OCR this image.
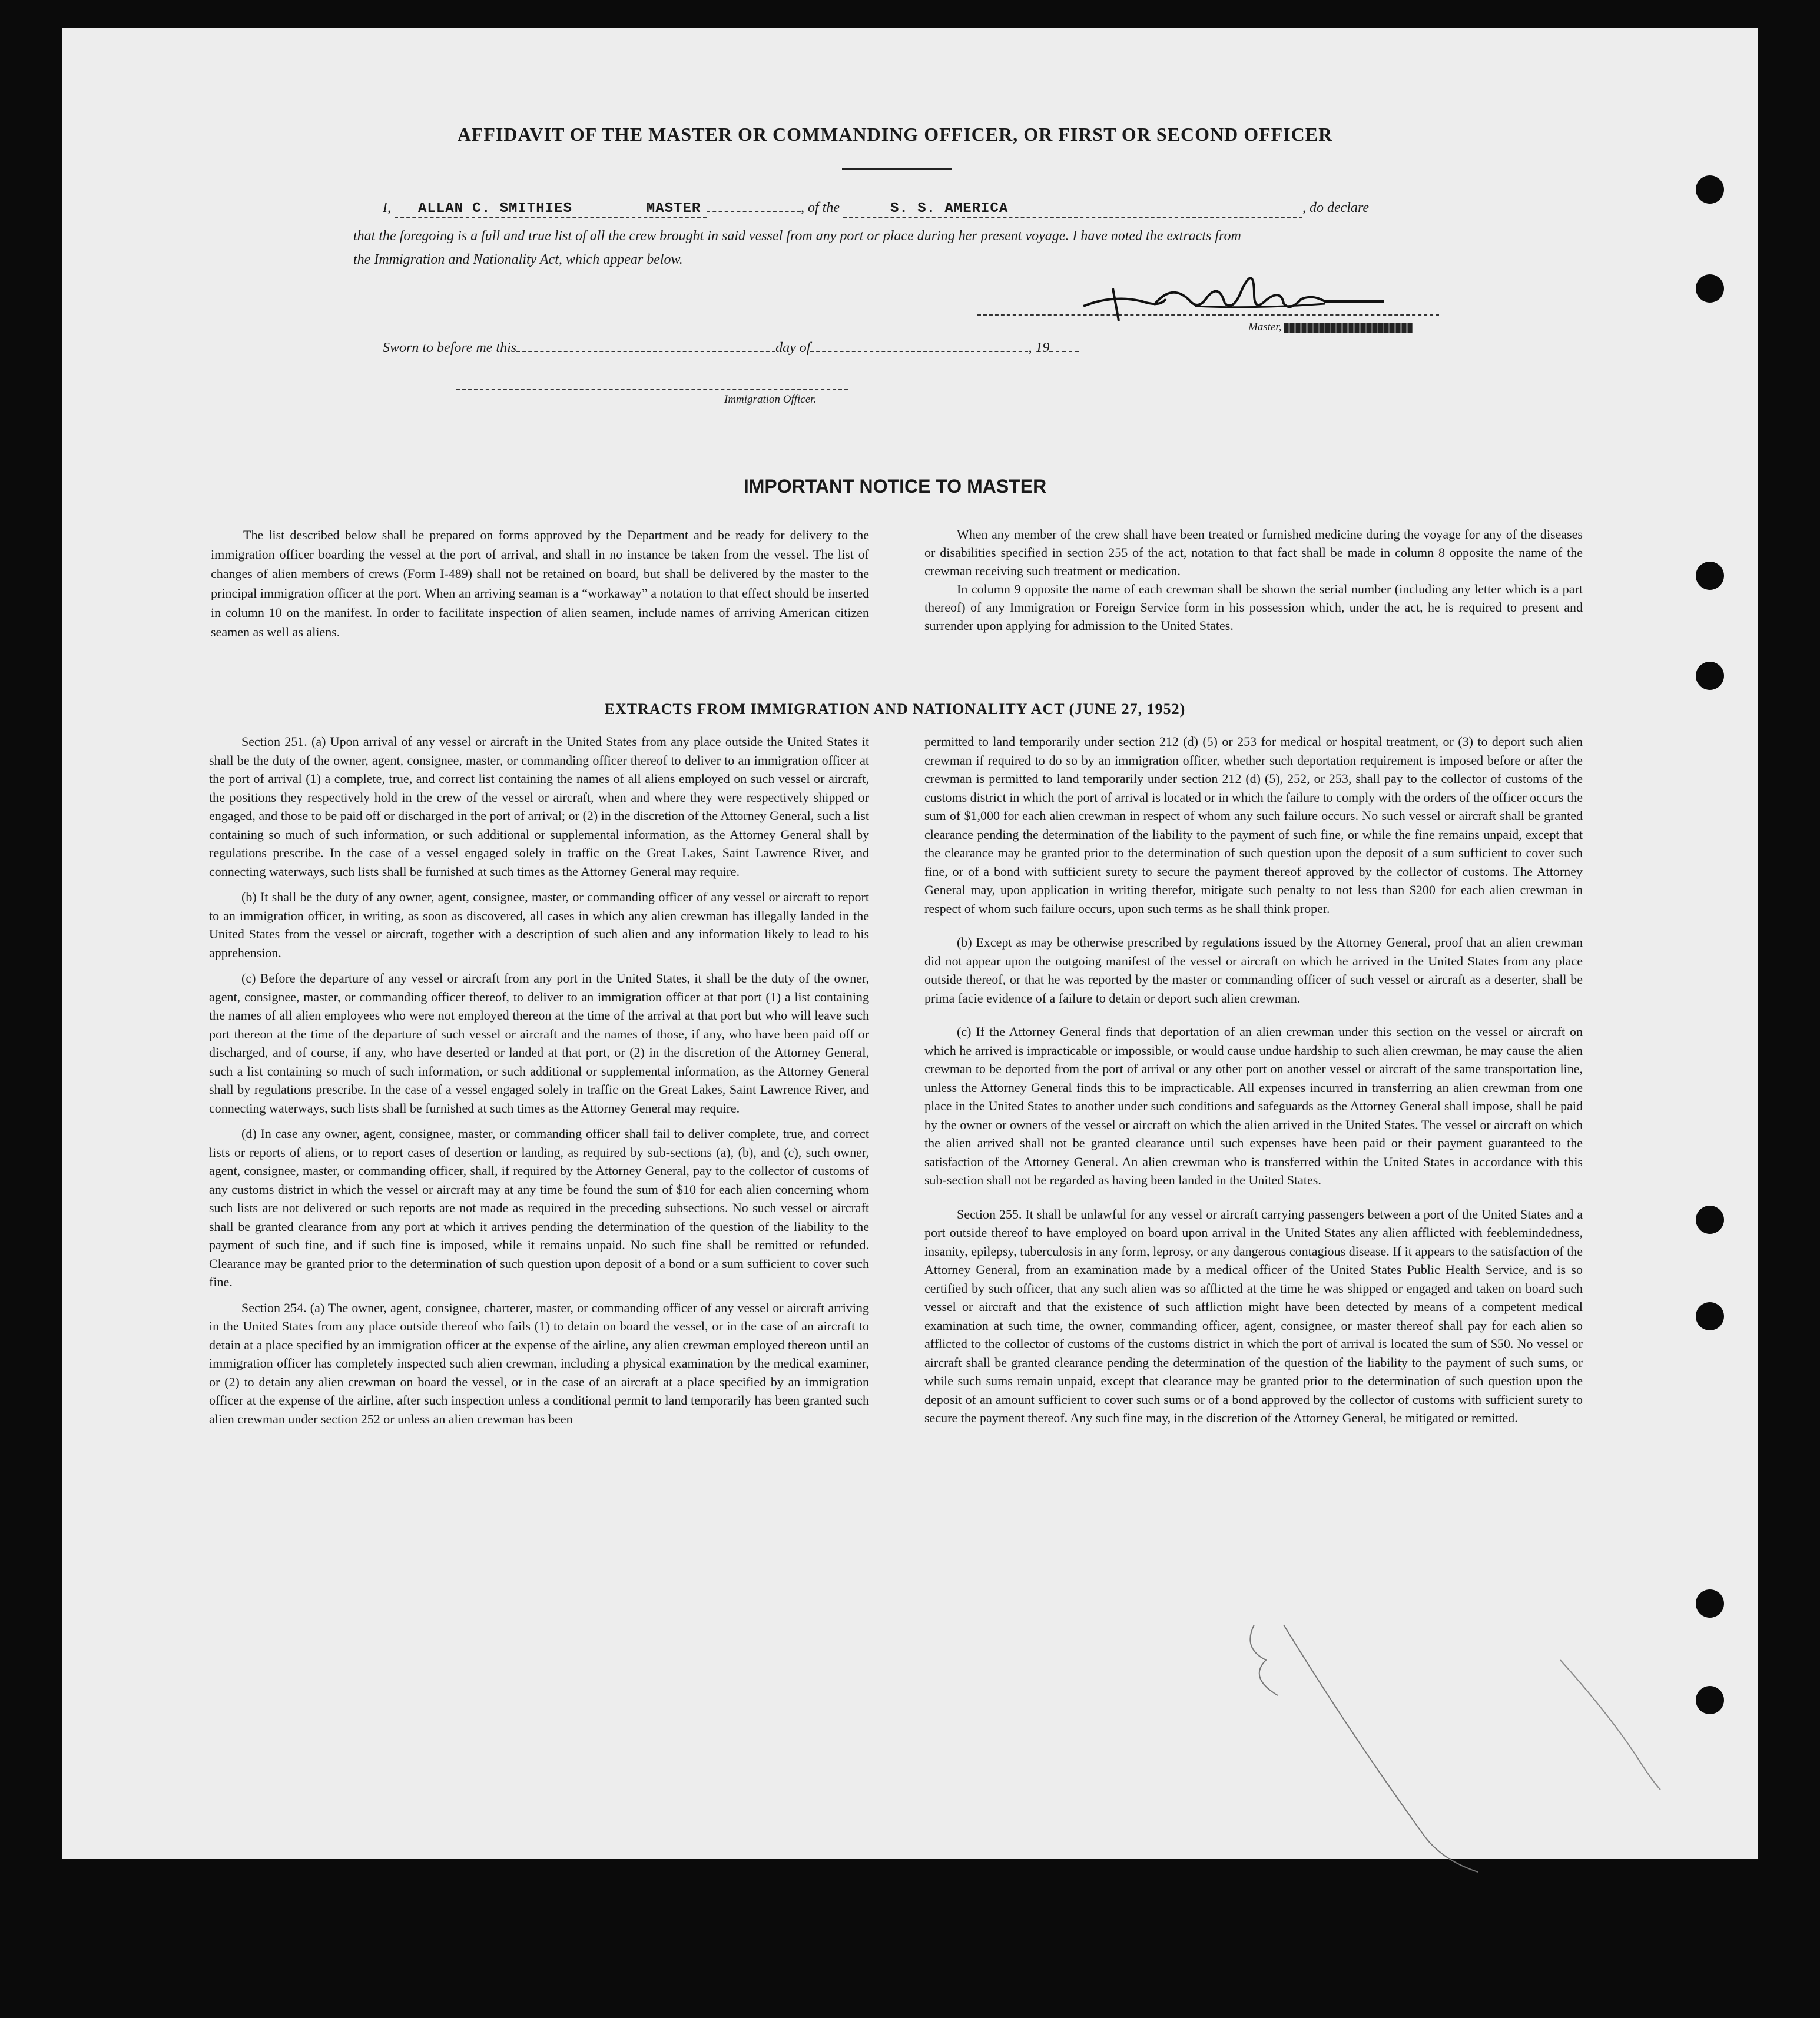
AFFIDAVIT OF THE MASTER OR COMMANDING OFFICER, OR FIRST OR SECOND OFFICER
I, ALLAN C. SMITHIES	MASTER	, of the	S. S. AMERICA	, do declare
that the foregoing is a full and true list of all the crew brought in said vessel from any port or place during her present voyage. I have noted the extracts from
the Immigration and Nationality Act, which appear below.
Master,
Sworn to before me this	day of	, 19
Immigration Officer.
IMPORTANT NOTICE TO MASTER

The list described below shall be prepared on forms approved by the Department and be ready for delivery to the immigration officer boarding the vessel at the port of arrival, and shall in no instance be taken from the vessel. The list of changes of alien members of crews (Form I-489) shall not be retained on board, but shall be delivered by the master to the principal immigration officer at the port. When an arriving seaman is a “workaway” a notation to that effect should be inserted in column 10 on the manifest. In order to facilitate inspection of alien seamen, include names of arriving American citizen seamen as well as aliens.

When any member of the crew shall have been treated or furnished medicine during the voyage for any of the diseases or disabilities specified in section 255 of the act, notation to that fact shall be made in column 8 opposite the name of the crewman receiving such treatment or medication.

In column 9 opposite the name of each crewman shall be shown the serial number (including any letter which is a part thereof) of any Immigration or Foreign Service form in his possession which, under the act, he is required to present and surrender upon applying for admission to the United States.

EXTRACTS FROM IMMIGRATION AND NATIONALITY ACT (JUNE 27, 1952)

Section 251. (a) Upon arrival of any vessel or aircraft in the United States from any place outside the United States it shall be the duty of the owner, agent, consignee, master, or commanding officer thereof to deliver to an immigration officer at the port of arrival (1) a complete, true, and correct list containing the names of all aliens employed on such vessel or aircraft, the positions they respectively hold in the crew of the vessel or aircraft, when and where they were respectively shipped or engaged, and those to be paid off or discharged in the port of arrival; or (2) in the discretion of the Attorney General, such a list containing so much of such information, or such additional or supplemental information, as the Attorney General shall by regulations prescribe. In the case of a vessel engaged solely in traffic on the Great Lakes, Saint Lawrence River, and connecting waterways, such lists shall be furnished at such times as the Attorney General may require.

(b) It shall be the duty of any owner, agent, consignee, master, or commanding officer of any vessel or aircraft to report to an immigration officer, in writing, as soon as discovered, all cases in which any alien crewman has illegally landed in the United States from the vessel or aircraft, together with a description of such alien and any information likely to lead to his apprehension.

(c) Before the departure of any vessel or aircraft from any port in the United States, it shall be the duty of the owner, agent, consignee, master, or commanding officer thereof, to deliver to an immigration officer at that port (1) a list containing the names of all alien employees who were not employed thereon at the time of the arrival at that port but who will leave such port thereon at the time of the departure of such vessel or aircraft and the names of those, if any, who have been paid off or discharged, and of course, if any, who have deserted or landed at that port, or (2) in the discretion of the Attorney General, such a list containing so much of such information, or such additional or supplemental information, as the Attorney General shall by regulations prescribe. In the case of a vessel engaged solely in traffic on the Great Lakes, Saint Lawrence River, and connecting waterways, such lists shall be furnished at such times as the Attorney General may require.

(d) In case any owner, agent, consignee, master, or commanding officer shall fail to deliver complete, true, and correct lists or reports of aliens, or to report cases of desertion or landing, as required by sub-sections (a), (b), and (c), such owner, agent, consignee, master, or commanding officer, shall, if required by the Attorney General, pay to the collector of customs of any customs district in which the vessel or aircraft may at any time be found the sum of $10 for each alien concerning whom such lists are not delivered or such reports are not made as required in the preceding subsections. No such vessel or aircraft shall be granted clearance from any port at which it arrives pending the determination of the question of the liability to the payment of such fine, and if such fine is imposed, while it remains unpaid. No such fine shall be remitted or refunded. Clearance may be granted prior to the determination of such question upon deposit of a bond or a sum sufficient to cover such fine.

Section 254. (a) The owner, agent, consignee, charterer, master, or commanding officer of any vessel or aircraft arriving in the United States from any place outside thereof who fails (1) to detain on board the vessel, or in the case of an aircraft to detain at a place specified by an immigration officer at the expense of the airline, any alien crewman employed thereon until an immigration officer has completely inspected such alien crewman, including a physical examination by the medical examiner, or (2) to detain any alien crewman on board the vessel, or in the case of an aircraft at a place specified by an immigration officer at the expense of the airline, after such inspection unless a conditional permit to land temporarily has been granted such alien crewman under section 252 or unless an alien crewman has been

permitted to land temporarily under section 212 (d) (5) or 253 for medical or hospital treatment, or (3) to deport such alien crewman if required to do so by an immigration officer, whether such deportation requirement is imposed before or after the crewman is permitted to land temporarily under section 212 (d) (5), 252, or 253, shall pay to the collector of customs of the customs district in which the port of arrival is located or in which the failure to comply with the orders of the officer occurs the sum of $1,000 for each alien crewman in respect of whom any such failure occurs. No such vessel or aircraft shall be granted clearance pending the determination of the liability to the payment of such fine, or while the fine remains unpaid, except that the clearance may be granted prior to the determination of such question upon the deposit of a sum sufficient to cover such fine, or of a bond with sufficient surety to secure the payment thereof approved by the collector of customs. The Attorney General may, upon application in writing therefor, mitigate such penalty to not less than $200 for each alien crewman in respect of whom such failure occurs, upon such terms as he shall think proper.

(b) Except as may be otherwise prescribed by regulations issued by the Attorney General, proof that an alien crewman did not appear upon the outgoing manifest of the vessel or aircraft on which he arrived in the United States from any place outside thereof, or that he was reported by the master or commanding officer of such vessel or aircraft as a deserter, shall be prima facie evidence of a failure to detain or deport such alien crewman.

(c) If the Attorney General finds that deportation of an alien crewman under this section on the vessel or aircraft on which he arrived is impracticable or impossible, or would cause undue hardship to such alien crewman, he may cause the alien crewman to be deported from the port of arrival or any other port on another vessel or aircraft of the same transportation line, unless the Attorney General finds this to be impracticable. All expenses incurred in transferring an alien crewman from one place in the United States to another under such conditions and safeguards as the Attorney General shall impose, shall be paid by the owner or owners of the vessel or aircraft on which the alien arrived in the United States. The vessel or aircraft on which the alien arrived shall not be granted clearance until such expenses have been paid or their payment guaranteed to the satisfaction of the Attorney General. An alien crewman who is transferred within the United States in accordance with this sub-section shall not be regarded as having been landed in the United States.

Section 255. It shall be unlawful for any vessel or aircraft carrying passengers between a port of the United States and a port outside thereof to have employed on board upon arrival in the United States any alien afflicted with feeblemindedness, insanity, epilepsy, tuberculosis in any form, leprosy, or any dangerous contagious disease. If it appears to the satisfaction of the Attorney General, from an examination made by a medical officer of the United States Public Health Service, and is so certified by such officer, that any such alien was so afflicted at the time he was shipped or engaged and taken on board such vessel or aircraft and that the existence of such affliction might have been detected by means of a competent medical examination at such time, the owner, commanding officer, agent, consignee, or master thereof shall pay for each alien so afflicted to the collector of customs of the customs district in which the port of arrival is located the sum of $50. No vessel or aircraft shall be granted clearance pending the determination of the question of the liability to the payment of such sums, or while such sums remain unpaid, except that clearance may be granted prior to the determination of such question upon the deposit of an amount sufficient to cover such sums or of a bond approved by the collector of customs with sufficient surety to secure the payment thereof. Any such fine may, in the discretion of the Attorney General, be mitigated or remitted.
